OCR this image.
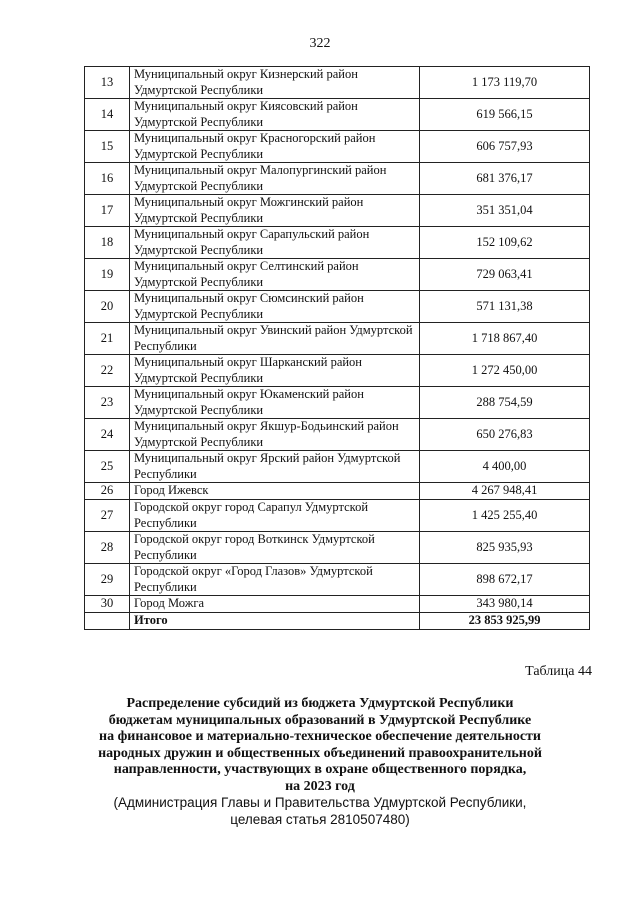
322
13	Муниципальный округ Кизнерский район Удмуртской Республики	1 173 119,70
14	Муниципальный округ Киясовский район Удмуртской Республики	619 566,15
15	Муниципальный округ Красногорский район Удмуртской Республики	606 757,93
16	Муниципальный округ Малопургинский район Удмуртской Республики	681 376,17
17	Муниципальный округ Можгинский район Удмуртской Республики	351 351,04
18	Муниципальный округ Сарапульский район Удмуртской Республики	152 109,62
19	Муниципальный округ Селтинский район Удмуртской Республики	729 063,41
20	Муниципальный округ Сюмсинский район Удмуртской Республики	571 131,38
21	Муниципальный округ Увинский район Удмуртской Республики	1 718 867,40
22	Муниципальный округ Шарканский район Удмуртской Республики	1 272 450,00
23	Муниципальный округ Юкаменский район Удмуртской Республики	288 754,59
24	Муниципальный округ Якшур-Бодьинский район Удмуртской Республики	650 276,83
25	Муниципальный округ Ярский район Удмуртской Республики	4 400,00
26	Город Ижевск	4 267 948,41
27	Городской округ город Сарапул Удмуртской Республики	1 425 255,40
28	Городской округ город Воткинск Удмуртской Республики	825 935,93
29	Городской округ «Город Глазов» Удмуртской Республики	898 672,17
30	Город Можга	343 980,14
	Итого	23 853 925,99
Таблица 44
Распределение субсидий из бюджета Удмуртской Республики
бюджетам муниципальных образований в Удмуртской Республике
на финансовое и материально-техническое обеспечение деятельности
народных дружин и общественных объединений правоохранительной
направленности, участвующих в охране общественного порядка,
на 2023 год
(Администрация Главы и Правительства Удмуртской Республики,
целевая статья 2810507480)
